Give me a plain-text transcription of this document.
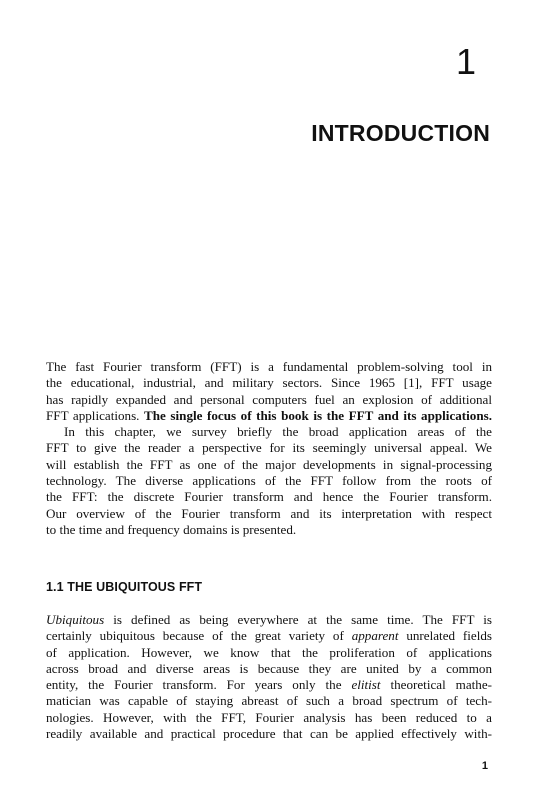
1
INTRODUCTION
The fast Fourier transform (FFT) is a fundamental problem-solving tool in
the educational, industrial, and military sectors. Since 1965 [1], FFT usage
has rapidly expanded and personal computers fuel an explosion of additional
FFT applications. The single focus of this book is the FFT and its applications.
In this chapter, we survey briefly the broad application areas of the
FFT to give the reader a perspective for its seemingly universal appeal. We
will establish the FFT as one of the major developments in signal-processing
technology. The diverse applications of the FFT follow from the roots of
the FFT: the discrete Fourier transform and hence the Fourier transform.
Our overview of the Fourier transform and its interpretation with respect
to the time and frequency domains is presented.
1.1 THE UBIQUITOUS FFT
Ubiquitous is defined as being everywhere at the same time. The FFT is
certainly ubiquitous because of the great variety of apparent unrelated fields
of application. However, we know that the proliferation of applications
across broad and diverse areas is because they are united by a common
entity, the Fourier transform. For years only the elitist theoretical mathe-
matician was capable of staying abreast of such a broad spectrum of tech-
nologies. However, with the FFT, Fourier analysis has been reduced to a
readily available and practical procedure that can be applied effectively with-
1
